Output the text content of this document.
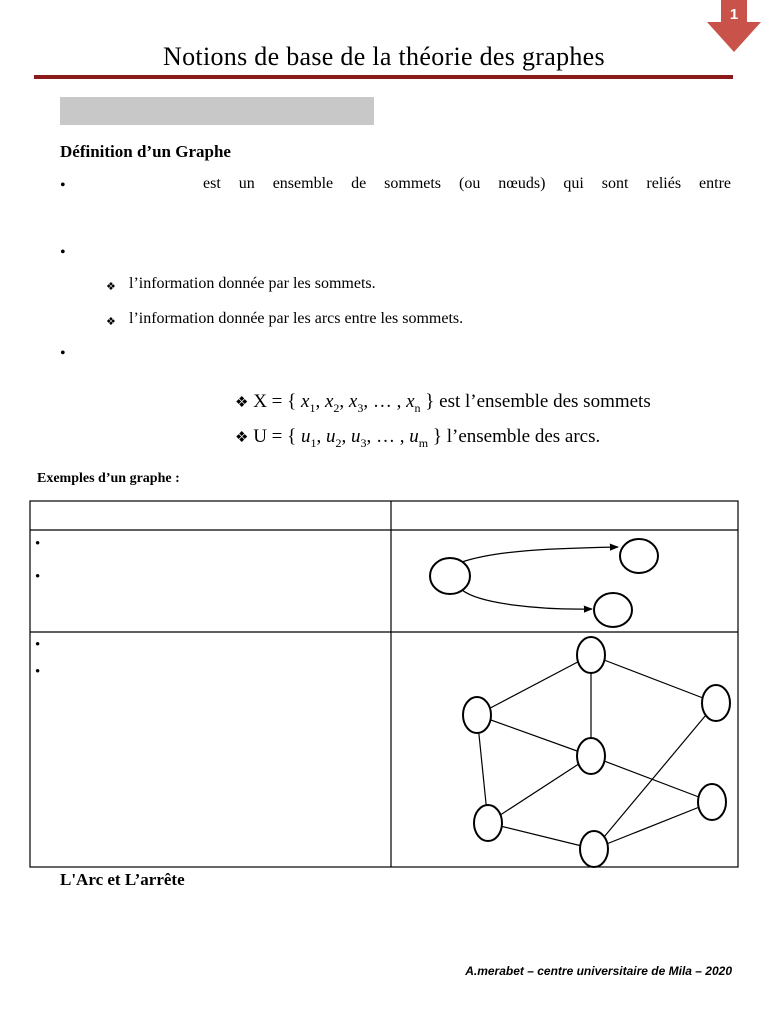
1
Notions de base de la théorie des graphes
Définition d’un Graphe
•	est un ensemble de sommets (ou nœuds) qui sont reliés entre
•
❖ l’information donnée par les sommets.
❖ l’information donnée par les arcs entre les sommets.
•
❖ X = { $x_1$, $x_2$, $x_3$, … , $x_n$ } est l’ensemble des sommets
❖ U = { $u_1$, $u_2$, $u_3$, … , $u_m$ } l’ensemble des arcs.
Exemples d’un graphe :
•
•
•
•
L'Arc et L’arrête
A.merabet – centre universitaire de Mila – 2020
